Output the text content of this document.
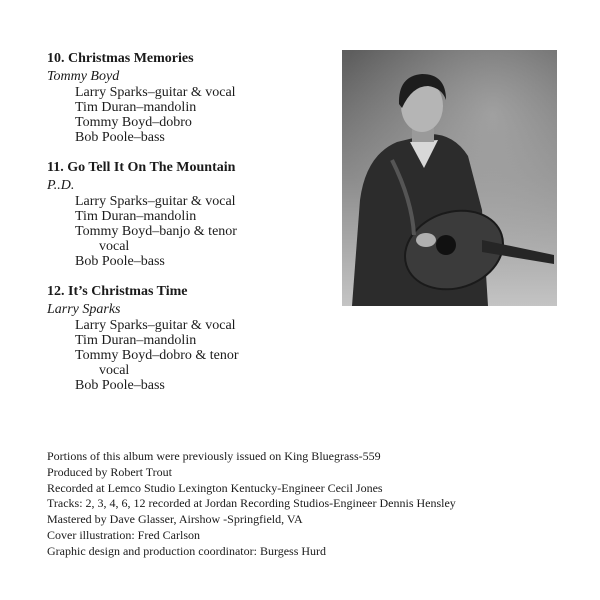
10. Christmas Memories
Tommy Boyd
Larry Sparks–guitar & vocal
Tim Duran–mandolin
Tommy Boyd–dobro
Bob Poole–bass
11. Go Tell It On The Mountain
P..D.
Larry Sparks–guitar & vocal
Tim Duran–mandolin
Tommy Boyd–banjo & tenor
vocal
Bob Poole–bass
12. It’s Christmas Time
Larry Sparks
Larry Sparks–guitar & vocal
Tim Duran–mandolin
Tommy Boyd–dobro & tenor
vocal
Bob Poole–bass
Portions of this album were previously issued on King Bluegrass-559
Produced by Robert Trout
Recorded at Lemco Studio Lexington Kentucky-Engineer Cecil Jones
Tracks: 2, 3, 4, 6, 12 recorded at Jordan Recording Studios-Engineer Dennis Hensley
Mastered by Dave Glasser, Airshow -Springfield, VA
Cover illustration: Fred Carlson
Graphic design and production coordinator: Burgess Hurd
